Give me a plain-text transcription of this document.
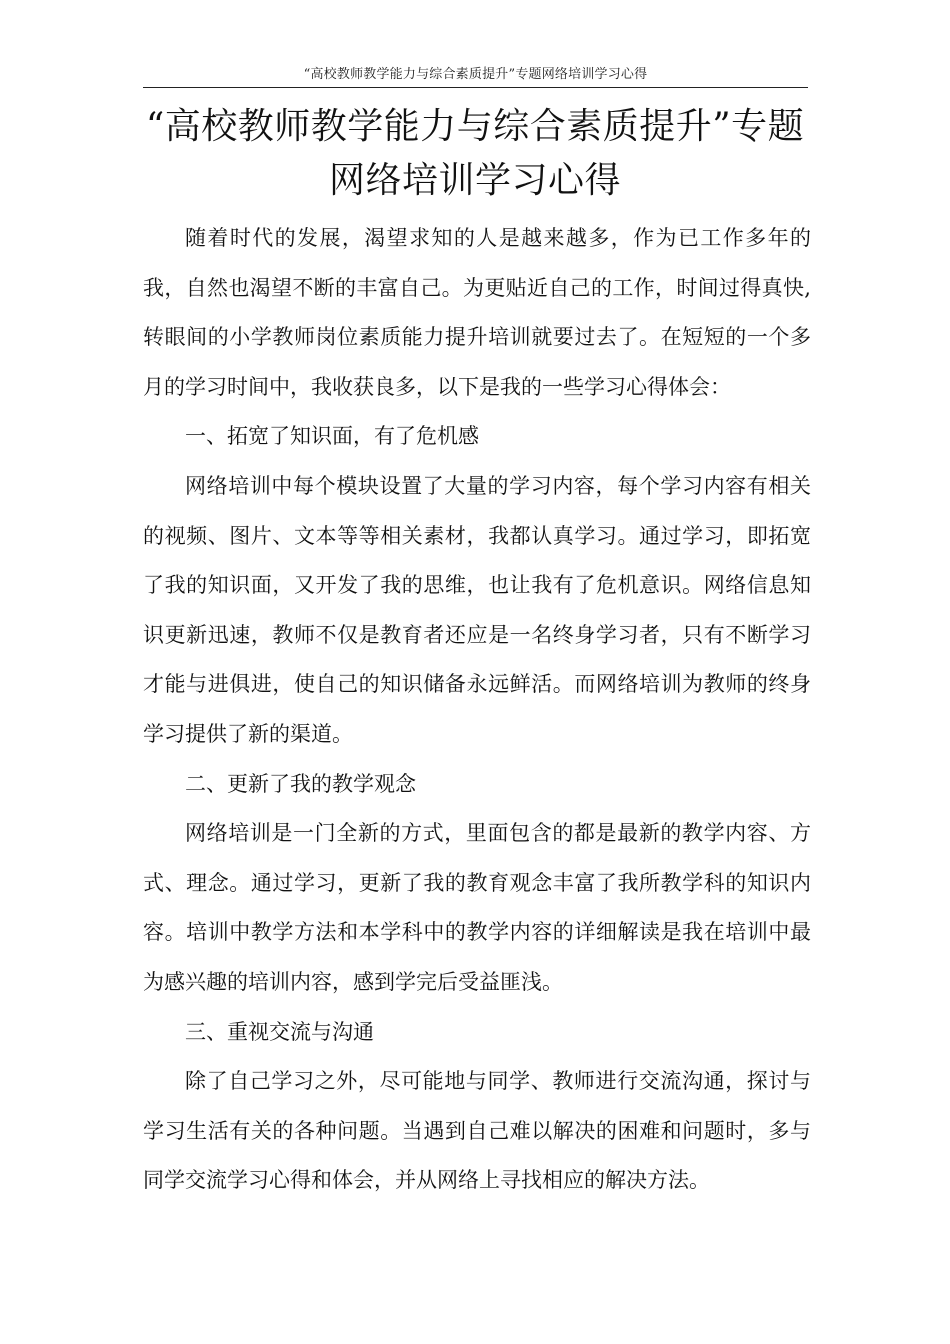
“高校教师教学能力与综合素质提升”专题网络培训学习心得
“高校教师教学能力与综合素质提升”专题
网络培训学习心得

随着时代的发展，渴望求知的人是越来越多，作为已工作多年的我，自然也渴望不断的丰富自己。为更贴近自己的工作，时间过得真快,转眼间的小学教师岗位素质能力提升培训就要过去了。在短短的一个多月的学习时间中，我收获良多，以下是我的一些学习心得体会：

一、拓宽了知识面，有了危机感

网络培训中每个模块设置了大量的学习内容，每个学习内容有相关的视频、图片、文本等等相关素材，我都认真学习。通过学习，即拓宽了我的知识面，又开发了我的思维，也让我有了危机意识。网络信息知识更新迅速，教师不仅是教育者还应是一名终身学习者，只有不断学习才能与进俱进，使自己的知识储备永远鲜活。而网络培训为教师的终身学习提供了新的渠道。

二、更新了我的教学观念

网络培训是一门全新的方式，里面包含的都是最新的教学内容、方式、理念。通过学习，更新了我的教育观念丰富了我所教学科的知识内容。培训中教学方法和本学科中的教学内容的详细解读是我在培训中最为感兴趣的培训内容，感到学完后受益匪浅。

三、重视交流与沟通

除了自己学习之外，尽可能地与同学、教师进行交流沟通，探讨与学习生活有关的各种问题。当遇到自己难以解决的困难和问题时，多与同学交流学习心得和体会，并从网络上寻找相应的解决方法。
